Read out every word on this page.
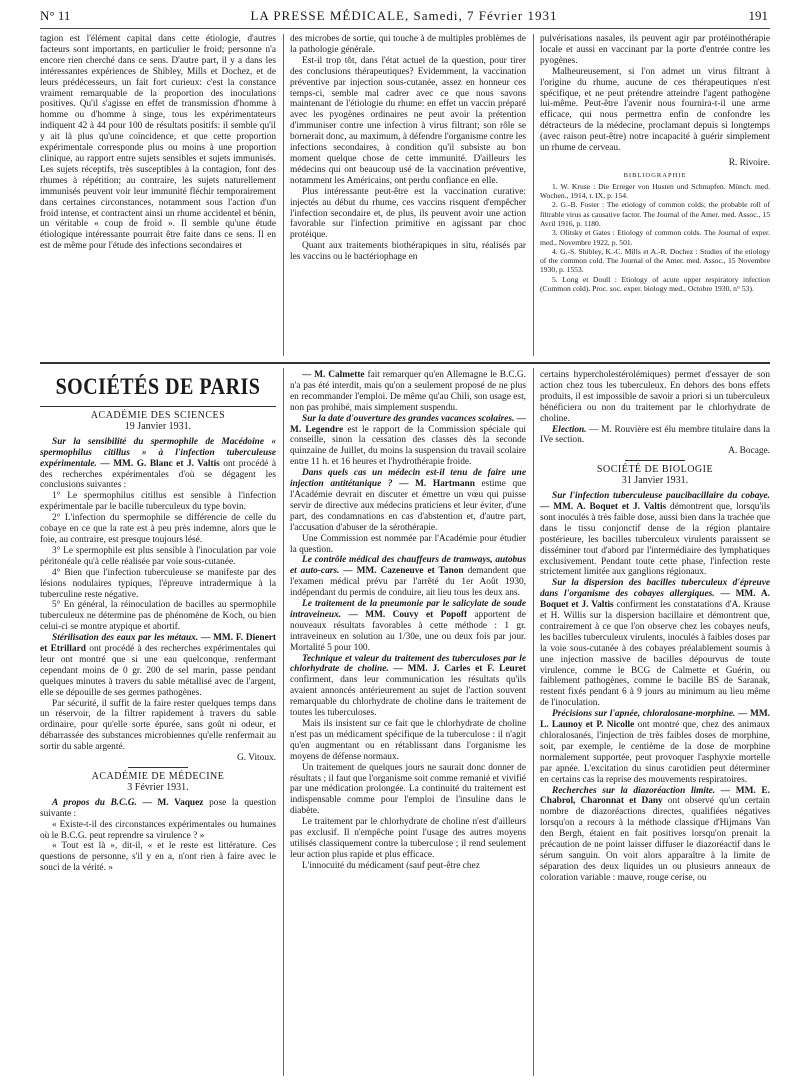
N° 11	LA PRESSE MÉDICALE, Samedi, 7 Février 1931	191

tagion est l'élément capital dans cette étiologie, d'autres facteurs sont importants, en particulier le froid; personne n'a encore rien cherché dans ce sens. D'autre part, il y a dans les intéressantes expériences de Shibley, Mills et Dochez, et de leurs prédécesseurs, un fait fort curieux: c'est la constance vraiment remarquable de la proportion des inoculations positives. Qu'il s'agisse en effet de transmission d'homme à homme ou d'homme à singe, tous les expérimentateurs indiquent 42 à 44 pour 100 de résultats positifs: il semble qu'il y ait là plus qu'une coïncidence, et que cette proportion expérimentale corresponde plus ou moins à une proportion clinique, au rapport entre sujets sensibles et sujets immunisés. Les sujets réceptifs, très susceptibles à la contagion, font des rhumes à répétition; au contraire, les sujets naturellement immunisés peuvent voir leur immunité fléchir temporairement dans certaines circonstances, notamment sous l'action d'un froid intense, et contractent ainsi un rhume accidentel et bénin, un véritable « coup de froid ». Il semble qu'une étude étiologique intéressante pourrait être faite dans ce sens. Il en est de même pour l'étude des infections secondaires et

des microbes de sortie, qui touche à de multiples problèmes de la pathologie générale.

Est-il trop tôt, dans l'état actuel de la question, pour tirer des conclusions thérapeutiques? Evidemment, la vaccination préventive par injection sous-cutanée, assez en honneur ces temps-ci, semble mal cadrer avec ce que nous savons maintenant de l'étiologie du rhume: en effet un vaccin préparé avec les pyogènes ordinaires ne peut avoir la prétention d'immuniser contre une infection à virus filtrant; son rôle se bornerait donc, au maximum, à défendre l'organisme contre les infections secondaires, à condition qu'il subsiste au bon moment quelque chose de cette immunité. D'ailleurs les médecins qui ont beaucoup usé de la vaccination préventive, notamment les Américains, ont perdu confiance en elle.

Plus intéressante peut-être est la vaccination curative: injectés au début du rhume, ces vaccins risquent d'empêcher l'infection secondaire et, de plus, ils peuvent avoir une action favorable sur l'infection primitive en agissant par choc protéique.

Quant aux traitements biothérapiques in situ, réalisés par les vaccins ou le bactériophage en

pulvérisations nasales, ils peuvent agir par protéinothérapie locale et aussi en vaccinant par la porte d'entrée contre les pyogènes.

Malheureusement, si l'on admet un virus filtrant à l'origine du rhume, aucune de ces thérapeutiques n'est spécifique, et ne peut prétendre atteindre l'agent pathogène lui-même. Peut-être l'avenir nous fournira-t-il une arme efficace, qui nous permettra enfin de confondre les détracteurs de la médecine, proclamant depuis si longtemps (avec raison peut-être) notre incapacité à guérir simplement un rhume de cerveau.

R. Rivoire.

BIBLIOGRAPHIE

1. W. Kruse : Die Erreger von Husten und Schnupfen. Münch. med. Wochen., 1914, t. IX, p. 154.

2. G.-B. Foster : The etiology of common colds; the probable roll of filtrable virus as causative factor. The Journal of the Amer. med. Assoc., 15 Avril 1916, p. 1180.

3. Olitsky et Gates : Etiology of common colds. The Journal of exper. med., Novembre 1922, p. 501.

4. G.-S. Shibley, K.-C. Mills et A.-R. Dochez : Studies of the etiology of the common cold. The Journal of the Amer. med. Assoc., 15 Novembre 1930, p. 1553.

5. Long et Doull : Etiology of acute upper respiratory infection (Common cold). Proc. soc. exper. biology med., Octobre 1930, n° 53).

SOCIÉTÉS DE PARIS
ACADÉMIE DES SCIENCES
19 Janvier 1931.

Sur la sensibilité du spermophile de Macédoine « spermophilus citillus » à l'infection tuberculeuse expérimentale. — MM. G. Blanc et J. Valtis ont procédé à des recherches expérimentales d'où se dégagent les conclusions suivantes :

1° Le spermophilus citillus est sensible à l'infection expérimentale par le bacille tuberculeux du type bovin.

2° L'infection du spermophile se différencie de celle du cobaye en ce que la rate est à peu près indemne, alors que le foie, au contraire, est presque toujours lésé.

3° Le spermophile est plus sensible à l'inoculation par voie péritonéale qu'à celle réalisée par voie sous-cutanée.

4° Bien que l'infection tuberculeuse se manifeste par des lésions nodulaires typiques, l'épreuve intradermique à la tuberculine reste négative.

5° En général, la réinoculation de bacilles au spermophile tuberculeux ne détermine pas de phénomène de Koch, ou bien celui-ci se montre atypique et abortif.

Stérilisation des eaux par les métaux. — MM. F. Dienert et Etrillard ont procédé à des recherches expérimentales qui leur ont montré que si une eau quelconque, renfermant cependant moins de 0 gr. 200 de sel marin, passe pendant quelques minutes à travers du sable métallisé avec de l'argent, elle se dépouille de ses germes pathogènes.

Par sécurité, il suffit de la faire rester quelques temps dans un réservoir, de la filtrer rapidement à travers du sable ordinaire, pour qu'elle sorte épurée, sans goût ni odeur, et débarrassée des substances microbiennes qu'elle renfermait au sortir du sable argenté.

G. Vitoux.

ACADÉMIE DE MÉDECINE
3 Février 1931.

A propos du B.C.G. — M. Vaquez pose la question suivante :

« Existe-t-il des circonstances expérimentales ou humaines où le B.C.G. peut reprendre sa virulence ? »

« Tout est là », dit-il, « et le reste est littérature. Ces questions de personne, s'il y en a, n'ont rien à faire avec le souci de la vérité. »

— M. Calmette fait remarquer qu'en Allemagne le B.C.G. n'a pas été interdit, mais qu'on a seulement proposé de ne plus en recommander l'emploi. De même qu'au Chili, son usage est, non pas prohibé, mais simplement suspendu.

Sur la date d'ouverture des grandes vacances scolaires. — M. Legendre est le rapport de la Commission spéciale qui conseille, sinon la cessation des classes dès la seconde quinzaine de Juillet, du moins la suspension du travail scolaire entre 11 h. et 16 heures et l'hydrothérapie froide.

Dans quels cas un médecin est-il tenu de faire une injection antitétanique ? — M. Hartmann estime que l'Académie devrait en discuter et émettre un vœu qui puisse servir de directive aux médecins praticiens et leur éviter, d'une part, des condamnations en cas d'abstention et, d'autre part, l'accusation d'abuser de la sérothérapie.

Une Commission est nommée par l'Académie pour étudier la question.

Le contrôle médical des chauffeurs de tramways, autobus et auto-cars. — MM. Cazeneuve et Tanon demandent que l'examen médical prévu par l'arrêté du 1er Août 1930, indépendant du permis de conduire, ait lieu tous les deux ans.

Le traitement de la pneumonie par le salicylate de soude intraveineux. — MM. Couvy et Popoff apportent de nouveaux résultats favorables à cette méthode : 1 gr. intraveineux en solution au 1/30e, une ou deux fois par jour. Mortalité 5 pour 100.

Technique et valeur du traitement des tuberculoses par le chlorhydrate de choline. — MM. J. Carles et F. Leuret confirment, dans leur communication les résultats qu'ils avaient annoncés antérieurement au sujet de l'action souvent remarquable du chlorhydrate de choline dans le traitement de toutes les tuberculoses.

Mais ils insistent sur ce fait que le chlorhydrate de choline n'est pas un médicament spécifique de la tuberculose : il n'agit qu'en augmentant ou en rétablissant dans l'organisme les moyens de défense normaux.

Un traitement de quelques jours ne saurait donc donner de résultats ; il faut que l'organisme soit comme remanié et vivifié par une médication prolongée. La continuité du traitement est indispensable comme pour l'emploi de l'insuline dans le diabète.

Le traitement par le chlorhydrate de choline n'est d'ailleurs pas exclusif. Il n'empêche point l'usage des autres moyens utilisés classiquement contre la tuberculose ; il rend seulement leur action plus rapide et plus efficace.

L'innocuité du médicament (sauf peut-être chez

certains hypercholestérolémiques) permet d'essayer de son action chez tous les tuberculeux. En dehors des bons effets produits, il est impossible de savoir a priori si un tuberculeux bénéficiera ou non du traitement par le chlorhydrate de choline.

Election. — M. Rouvière est élu membre titulaire dans la IVe section.

A. Bocage.

SOCIÉTÉ DE BIOLOGIE
31 Janvier 1931.

Sur l'infection tuberculeuse paucibacillaire du cobaye. — MM. A. Boquet et J. Valtis démontrent que, lorsqu'ils sont inoculés à très faible dose, aussi bien dans la trachée que dans le tissu conjonctif dense de la région plantaire postérieure, les bacilles tuberculeux virulents paraissent se disséminer tout d'abord par l'intermédiaire des lymphatiques exclusivement. Pendant toute cette phase, l'infection reste strictement limitée aux ganglions régionaux.

Sur la dispersion des bacilles tuberculeux d'épreuve dans l'organisme des cobayes allergiques. — MM. A. Boquet et J. Valtis confirment les constatations d'A. Krause et H. Willis sur la dispersion bacillaire et démontrent que, contrairement à ce que l'on observe chez les cobayes neufs, les bacilles tuberculeux virulents, inoculés à faibles doses par la voie sous-cutanée à des cobayes préalablement soumis à une injection massive de bacilles dépourvus de toute virulence, comme le BCG de Calmette et Guérin, ou faiblement pathogènes, comme le bacille BS de Saranak, restent fixés pendant 6 à 9 jours au minimum au lieu même de l'inoculation.

Précisions sur l'apnée, chloralosane-morphine. — MM. L. Launoy et P. Nicolle ont montré que, chez des animaux chloralosanés, l'injection de très faibles doses de morphine, soit, par exemple, le centième de la dose de morphine normalement supportée, peut provoquer l'asphyxie mortelle par apnée. L'excitation du sinus carotidien peut déterminer en certains cas la reprise des mouvements respiratoires.

Recherches sur la diazoréaction limite. — MM. E. Chabrol, Charonnat et Dany ont observé qu'un certain nombre de diazoréactions directes, qualifiées négatives lorsqu'on a recours à la méthode classique d'Hijmans Van den Bergh, étaient en fait positives lorsqu'on prenait la précaution de ne point laisser diffuser le diazoréactif dans le sérum sanguin. On voit alors apparaître à la limite de séparation des deux liquides un ou plusieurs anneaux de coloration variable : mauve, rouge cerise, ou
